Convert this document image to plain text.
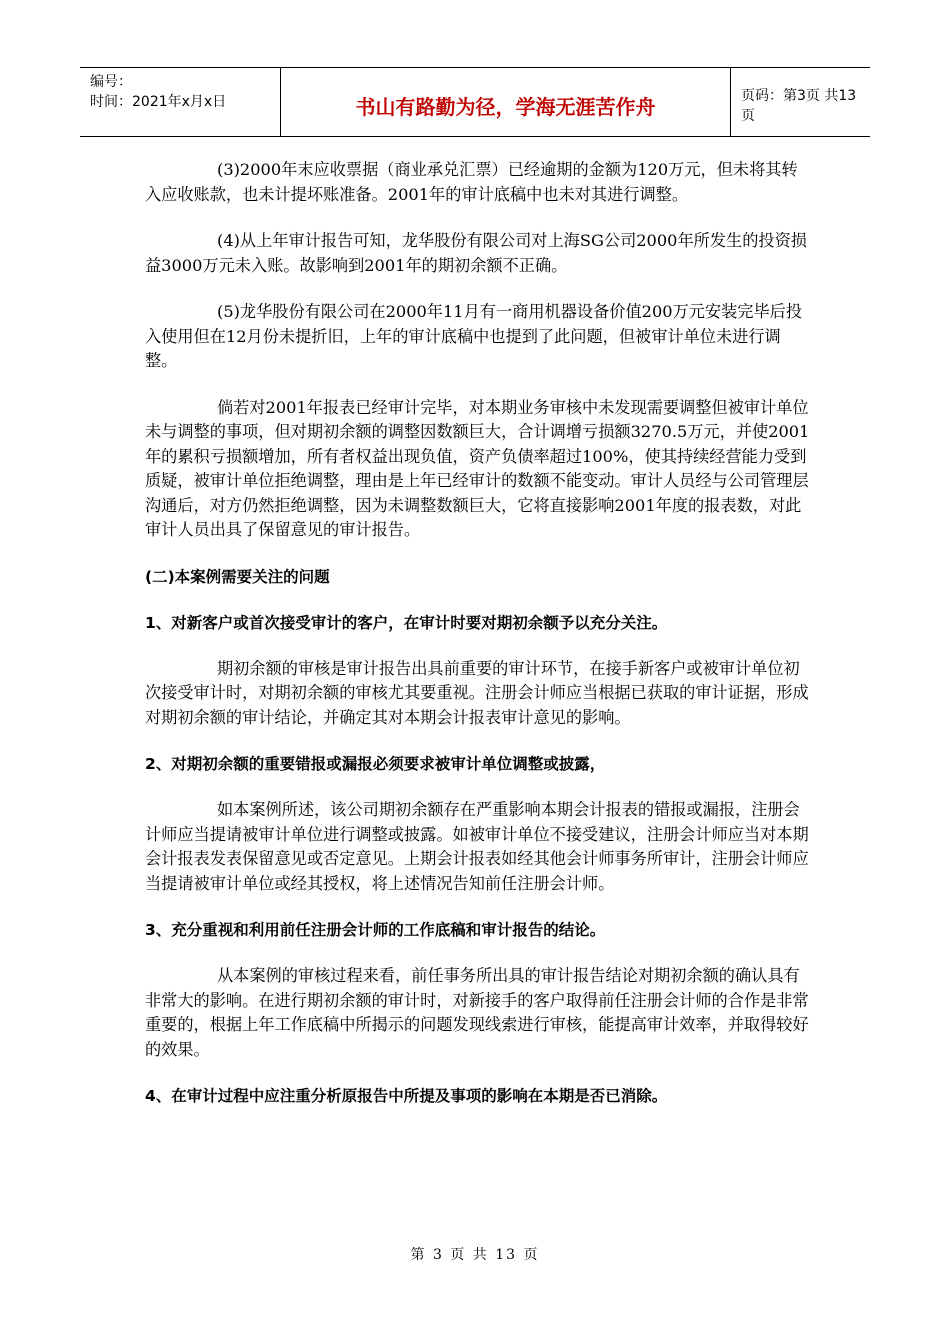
编号：
时间：2021年x月x日	书山有路勤为径，学海无涯苦作舟	页码：第3页 共13页

(3)2000年末应收票据（商业承兑汇票）已经逾期的金额为120万元，但未将其转入应收账款，也未计提坏账准备。2001年的审计底稿中也未对其进行调整。

(4)从上年审计报告可知，龙华股份有限公司对上海SG公司2000年所发生的投资损益3000万元未入账。故影响到2001年的期初余额不正确。

(5)龙华股份有限公司在2000年11月有一商用机器设备价值200万元安装完毕后投入使用但在12月份未提折旧，上年的审计底稿中也提到了此问题，但被审计单位未进行调整。

倘若对2001年报表已经审计完毕，对本期业务审核中未发现需要调整但被审计单位未与调整的事项，但对期初余额的调整因数额巨大，合计调增亏损额3270.5万元，并使2001年的累积亏损额增加，所有者权益出现负值，资产负债率超过100%，使其持续经营能力受到质疑，被审计单位拒绝调整，理由是上年已经审计的数额不能变动。审计人员经与公司管理层沟通后，对方仍然拒绝调整，因为未调整数额巨大，它将直接影响2001年度的报表数，对此审计人员出具了保留意见的审计报告。

(二)本案例需要关注的问题
1、对新客户或首次接受审计的客户，在审计时要对期初余额予以充分关注。

期初余额的审核是审计报告出具前重要的审计环节，在接手新客户或被审计单位初次接受审计时，对期初余额的审核尤其要重视。注册会计师应当根据已获取的审计证据，形成对期初余额的审计结论，并确定其对本期会计报表审计意见的影响。

2、对期初余额的重要错报或漏报必须要求被审计单位调整或披露，

如本案例所述，该公司期初余额存在严重影响本期会计报表的错报或漏报，注册会计师应当提请被审计单位进行调整或披露。如被审计单位不接受建议，注册会计师应当对本期会计报表发表保留意见或否定意见。上期会计报表如经其他会计师事务所审计，注册会计师应当提请被审计单位或经其授权，将上述情况告知前任注册会计师。

3、充分重视和利用前任注册会计师的工作底稿和审计报告的结论。

从本案例的审核过程来看，前任事务所出具的审计报告结论对期初余额的确认具有非常大的影响。在进行期初余额的审计时，对新接手的客户取得前任注册会计师的合作是非常重要的，根据上年工作底稿中所揭示的问题发现线索进行审核，能提高审计效率，并取得较好的效果。

4、在审计过程中应注重分析原报告中所提及事项的影响在本期是否已消除。
第 3 页 共 13 页
